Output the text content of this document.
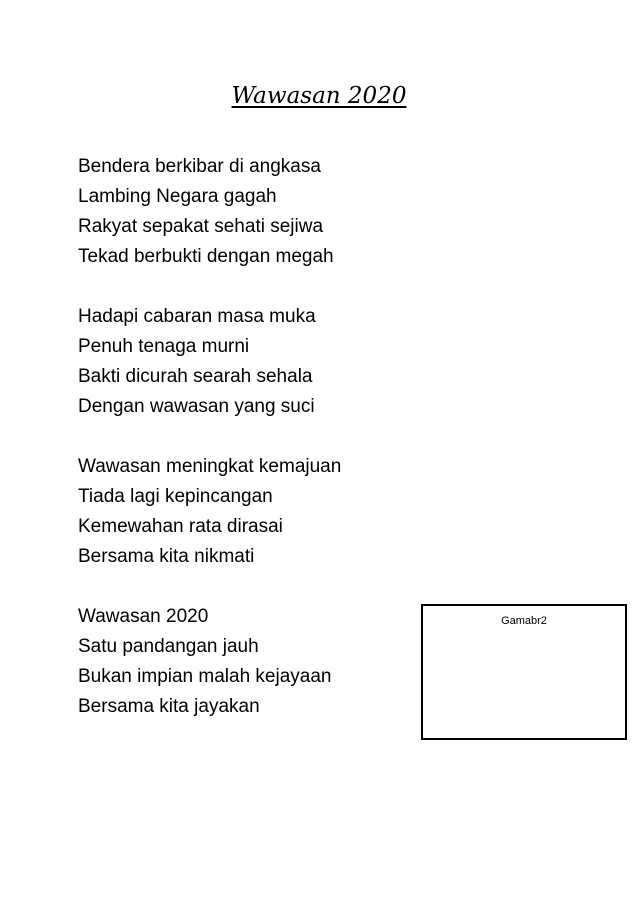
Wawasan 2020
Bendera berkibar di angkasa
Lambing Negara gagah
Rakyat sepakat sehati sejiwa
Tekad berbukti dengan megah
Hadapi cabaran masa muka
Penuh tenaga murni
Bakti dicurah searah sehala
Dengan wawasan yang suci
Wawasan meningkat kemajuan
Tiada lagi kepincangan
Kemewahan rata dirasai
Bersama kita nikmati
Wawasan 2020
Satu pandangan jauh
Bukan impian malah kejayaan
Bersama kita jayakan
Gamabr2
